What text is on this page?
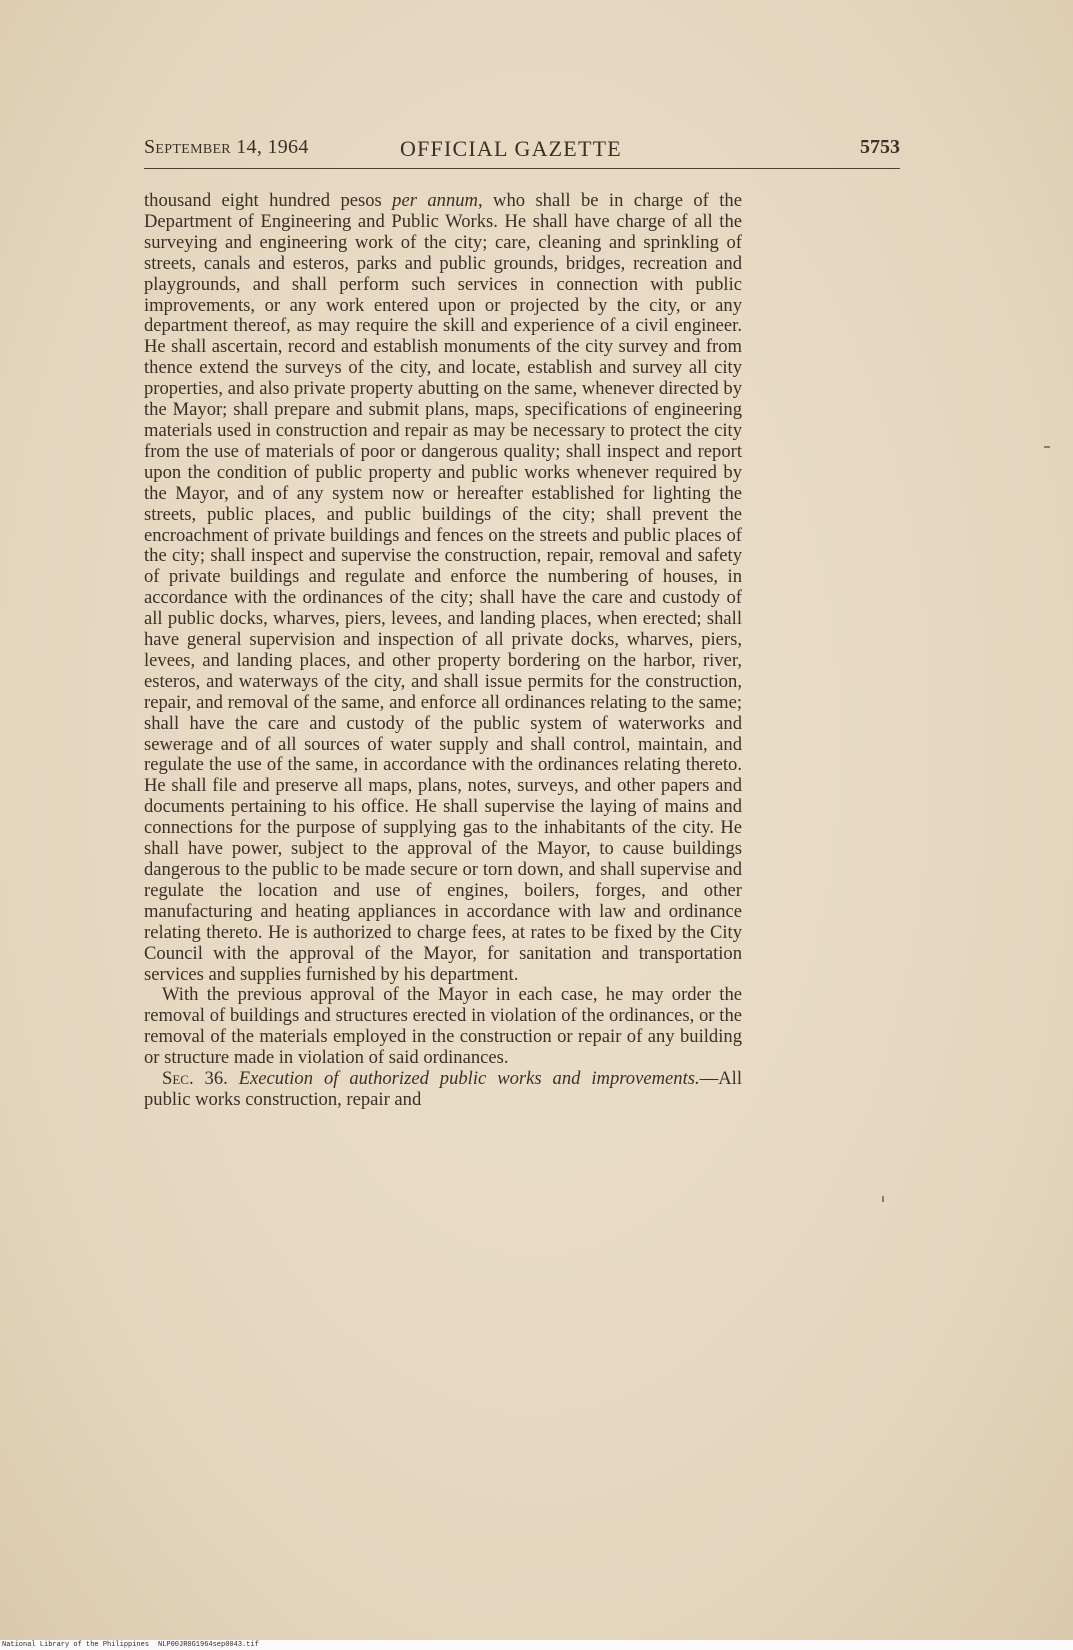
September 14, 1964	OFFICIAL GAZETTE	5753

thousand eight hundred pesos per annum, who shall be in charge of the Department of Engineering and Public Works. He shall have charge of all the surveying and engineering work of the city; care, cleaning and sprinkling of streets, canals and esteros, parks and public grounds, bridges, recreation and playgrounds, and shall perform such services in connection with public improvements, or any work entered upon or projected by the city, or any department thereof, as may require the skill and experience of a civil engineer. He shall ascertain, record and establish monuments of the city survey and from thence extend the surveys of the city, and locate, establish and survey all city properties, and also private property abutting on the same, whenever directed by the Mayor; shall prepare and submit plans, maps, specifications of engineering materials used in construction and repair as may be necessary to protect the city from the use of materials of poor or dangerous quality; shall inspect and report upon the condition of public property and public works whenever required by the Mayor, and of any system now or hereafter established for lighting the streets, public places, and public buildings of the city; shall prevent the encroachment of private buildings and fences on the streets and public places of the city; shall inspect and supervise the construction, repair, removal and safety of private buildings and regulate and enforce the numbering of houses, in accordance with the ordinances of the city; shall have the care and custody of all public docks, wharves, piers, levees, and landing places, when erected; shall have general supervision and inspection of all private docks, wharves, piers, levees, and landing places, and other property bordering on the harbor, river, esteros, and waterways of the city, and shall issue permits for the construction, repair, and removal of the same, and enforce all ordinances relating to the same; shall have the care and custody of the public system of waterworks and sewerage and of all sources of water supply and shall control, maintain, and regulate the use of the same, in accordance with the ordinances relating thereto. He shall file and preserve all maps, plans, notes, surveys, and other papers and documents pertaining to his office. He shall supervise the laying of mains and connections for the purpose of supplying gas to the inhabitants of the city. He shall have power, subject to the approval of the Mayor, to cause buildings dangerous to the public to be made secure or torn down, and shall supervise and regulate the location and use of engines, boilers, forges, and other manufacturing and heating appliances in accordance with law and ordinance relating thereto. He is authorized to charge fees, at rates to be fixed by the City Council with the approval of the Mayor, for sanitation and transportation services and supplies furnished by his department.

With the previous approval of the Mayor in each case, he may order the removal of buildings and structures erected in violation of the ordinances, or the removal of the materials employed in the construction or repair of any building or structure made in violation of said ordinances.

Sec. 36. Execution of authorized public works and improvements.—All public works construction, repair and

National Library of the Philippines NLP00JR0G1964sep0043.tif
